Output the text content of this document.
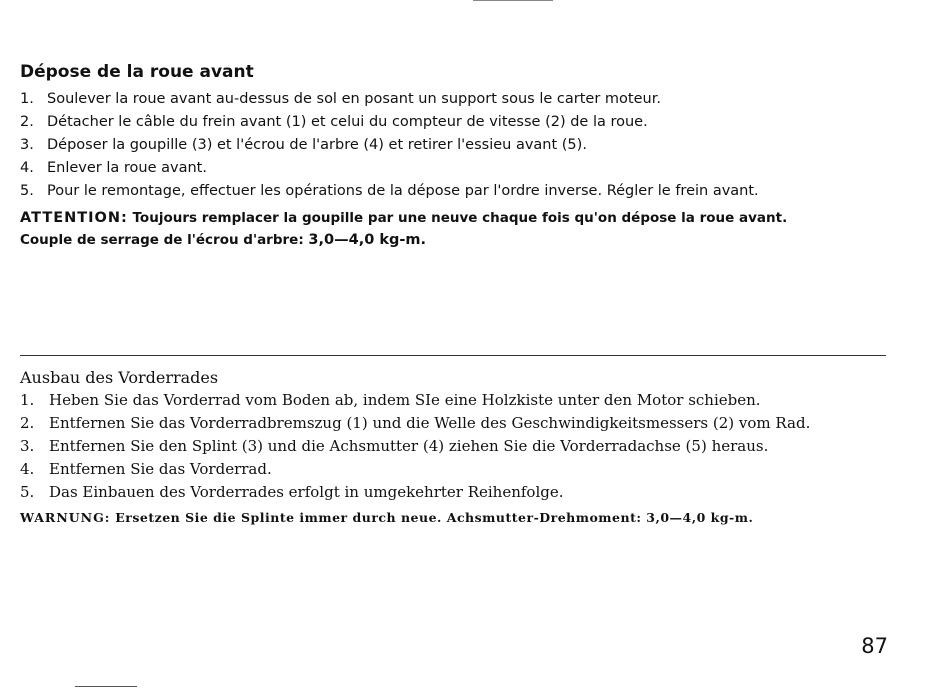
Dépose de la roue avant
1. Soulever la roue avant au-dessus de sol en posant un support sous le carter moteur.
2. Détacher le câble du frein avant (1) et celui du compteur de vitesse (2) de la roue.
3. Déposer la goupille (3) et l'écrou de l'arbre (4) et retirer l'essieu avant (5).
4. Enlever la roue avant.
5. Pour le remontage, effectuer les opérations de la dépose par l'ordre inverse. Régler le frein avant.
ATTENTION: Toujours remplacer la goupille par une neuve chaque fois qu'on dépose la roue avant.
Couple de serrage de l'écrou d'arbre: 3,0—4,0 kg-m.
Ausbau des Vorderrades
1. Heben Sie das Vorderrad vom Boden ab, indem SIe eine Holzkiste unter den Motor schieben.
2. Entfernen Sie das Vorderradbremszug (1) und die Welle des Geschwindigkeitsmessers (2) vom Rad.
3. Entfernen Sie den Splint (3) und die Achsmutter (4) ziehen Sie die Vorderradachse (5) heraus.
4. Entfernen Sie das Vorderrad.
5. Das Einbauen des Vorderrades erfolgt in umgekehrter Reihenfolge.
WARNUNG: Ersetzen Sie die Splinte immer durch neue. Achsmutter-Drehmoment: 3,0—4,0 kg-m.
87
